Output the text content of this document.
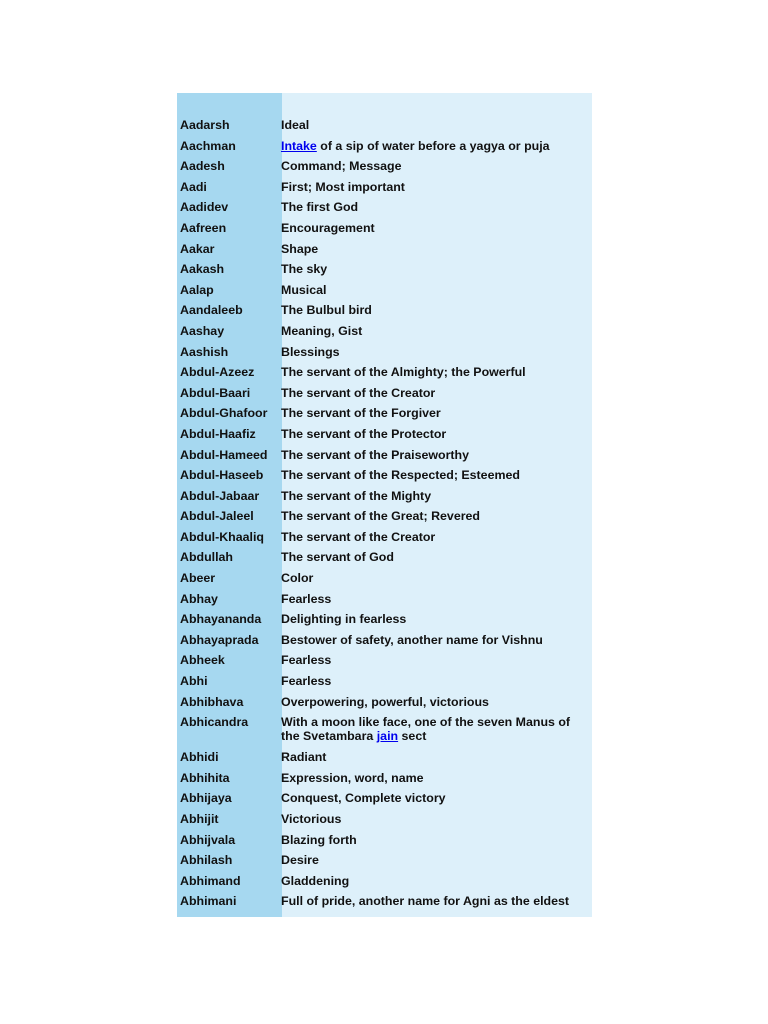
Aadarsh	Ideal
Aachman	Intake of a sip of water before a yagya or puja
Aadesh	Command; Message
Aadi	First; Most important
Aadidev	The first God
Aafreen	Encouragement
Aakar	Shape
Aakash	The sky
Aalap	Musical
Aandaleeb	The Bulbul bird
Aashay	Meaning, Gist
Aashish	Blessings
Abdul-Azeez	The servant of the Almighty; the Powerful
Abdul-Baari	The servant of the Creator
Abdul-Ghafoor	The servant of the Forgiver
Abdul-Haafiz	The servant of the Protector
Abdul-Hameed	The servant of the Praiseworthy
Abdul-Haseeb	The servant of the Respected; Esteemed
Abdul-Jabaar	The servant of the Mighty
Abdul-Jaleel	The servant of the Great; Revered
Abdul-Khaaliq	The servant of the Creator
Abdullah	The servant of God
Abeer	Color
Abhay	Fearless
Abhayananda	Delighting in fearless
Abhayaprada	Bestower of safety, another name for Vishnu
Abheek	Fearless
Abhi	Fearless
Abhibhava	Overpowering, powerful, victorious
Abhicandra	With a moon like face, one of the seven Manus of the Svetambara jain sect
Abhidi	Radiant
Abhihita	Expression, word, name
Abhijaya	Conquest, Complete victory
Abhijit	Victorious
Abhijvala	Blazing forth
Abhilash	Desire
Abhimand	Gladdening
Abhimani	Full of pride, another name for Agni as the eldest
